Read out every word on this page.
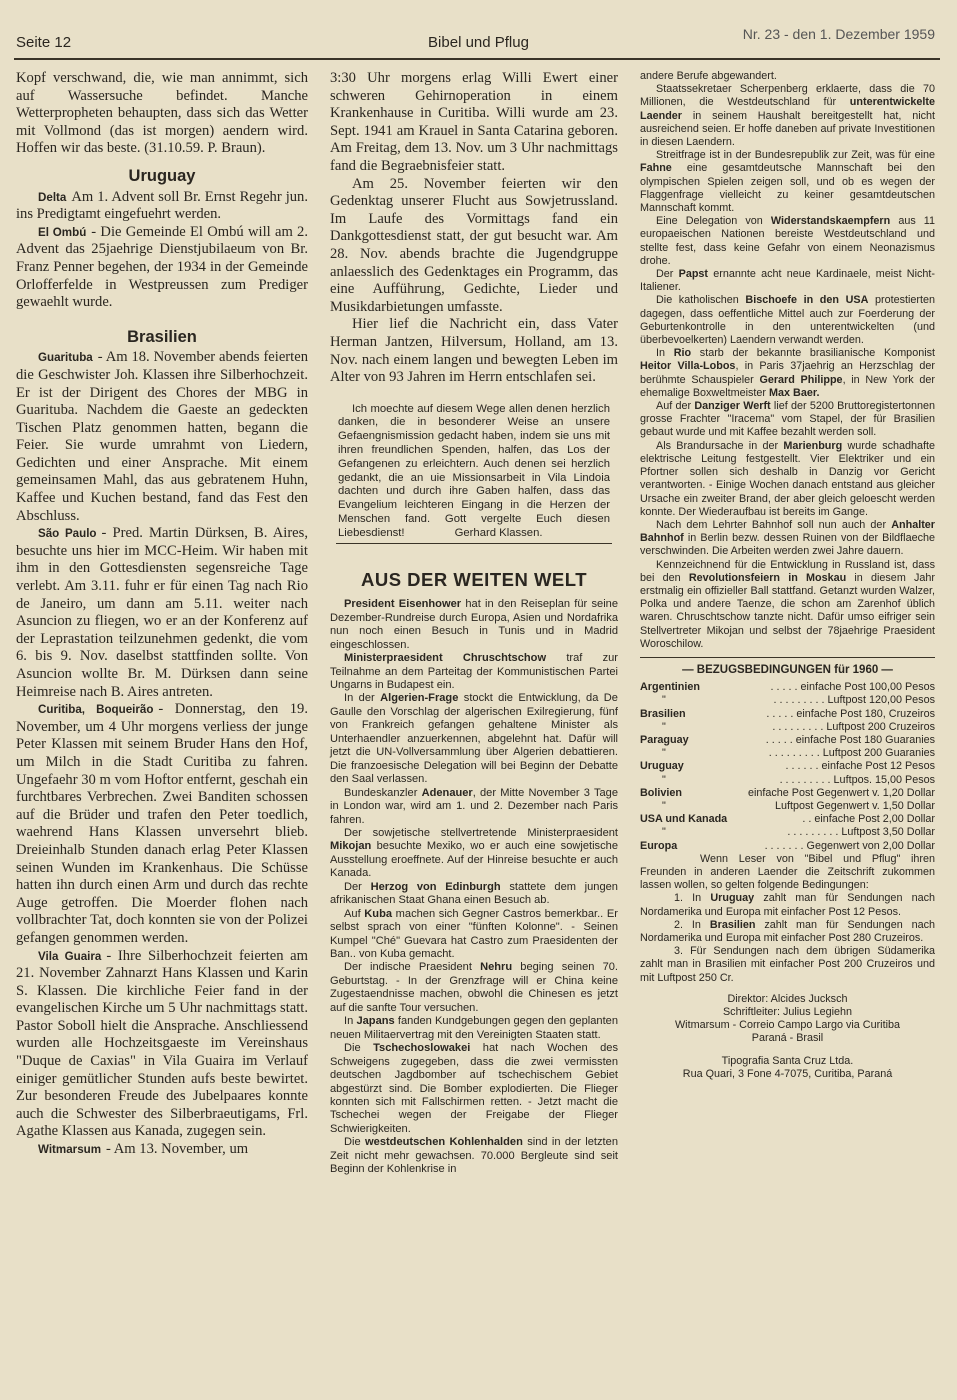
Seite 12	Bibel und Pflug	Nr. 23 - den 1. Dezember 1959

Kopf verschwand, die, wie man annimmt, sich auf Wassersuche befindet. Manche Wetterpropheten behaupten, dass sich das Wetter mit Vollmond (das ist morgen) aendern wird. Hoffen wir das beste. (31.10.59. P. Braun).

Uruguay

Delta Am 1. Advent soll Br. Ernst Regehr jun. ins Predigtamt eingefuehrt werden.

El Ombú - Die Gemeinde El Ombú will am 2. Advent das 25jaehrige Dienstjubilaeum von Br. Franz Penner begehen, der 1934 in der Gemeinde Orlofferfelde in Westpreussen zum Prediger gewaehlt wurde.

Brasilien

Guarituba - Am 18. November abends feierten die Geschwister Joh. Klassen ihre Silberhochzeit. Er ist der Dirigent des Chores der MBG in Guarituba. Nachdem die Gaeste an gedeckten Tischen Platz genommen hatten, begann die Feier. Sie wurde umrahmt von Liedern, Gedichten und einer Ansprache. Mit einem gemeinsamen Mahl, das aus gebratenem Huhn, Kaffee und Kuchen bestand, fand das Fest den Abschluss.

São Paulo - Pred. Martin Dürksen, B. Aires, besuchte uns hier im MCC-Heim. Wir haben mit ihm in den Gottesdiensten segensreiche Tage verlebt. Am 3.11. fuhr er für einen Tag nach Rio de Janeiro, um dann am 5.11. weiter nach Asuncion zu fliegen, wo er an der Konferenz auf der Leprastation teilzunehmen gedenkt, die vom 6. bis 9. Nov. daselbst stattfinden sollte. Von Asuncion wollte Br. M. Dürksen dann seine Heimreise nach B. Aires antreten.

Curitiba, Boqueirão - Donnerstag, den 19. November, um 4 Uhr morgens verliess der junge Peter Klassen mit seinem Bruder Hans den Hof, um Milch in die Stadt Curitiba zu fahren. Ungefaehr 30 m vom Hoftor entfernt, geschah ein furchtbares Verbrechen. Zwei Banditen schossen auf die Brüder und trafen den Peter toedlich, waehrend Hans Klassen unversehrt blieb. Dreieinhalb Stunden danach erlag Peter Klassen seinen Wunden im Krankenhaus. Die Schüsse hatten ihn durch einen Arm und durch das rechte Auge getroffen. Die Moerder flohen nach vollbrachter Tat, doch konnten sie von der Polizei gefangen genommen werden.

Vila Guaira - Ihre Silberhochzeit feierten am 21. November Zahnarzt Hans Klassen und Karin S. Klassen. Die kirchliche Feier fand in der evangelischen Kirche um 5 Uhr nachmittags statt. Pastor Soboll hielt die Ansprache. Anschliessend wurden alle Hochzeitsgaeste im Vereinshaus "Duque de Caxias" in Vila Guaira im Verlauf einiger gemütlicher Stunden aufs beste bewirtet. Zur besonderen Freude des Jubelpaares konnte auch die Schwester des Silberbraeutigams, Frl. Agathe Klassen aus Kanada, zugegen sein.

Witmarsum - Am 13. November, um

3:30 Uhr morgens erlag Willi Ewert einer schweren Gehirnoperation in einem Krankenhause in Curitiba. Willi wurde am 23. Sept. 1941 am Krauel in Santa Catarina geboren. Am Freitag, dem 13. Nov. um 3 Uhr nachmittags fand die Begraebnisfeier statt.

Am 25. November feierten wir den Gedenktag unserer Flucht aus Sowjetrussland. Im Laufe des Vormittags fand ein Dankgottesdienst statt, der gut besucht war. Am 28. Nov. abends brachte die Jugendgruppe anlaesslich des Gedenktages ein Programm, das eine Aufführung, Gedichte, Lieder und Musikdarbietungen umfasste.

Hier lief die Nachricht ein, dass Vater Herman Jantzen, Hilversum, Holland, am 13. Nov. nach einem langen und bewegten Leben im Alter von 93 Jahren im Herrn entschlafen sei.

Ich moechte auf diesem Wege allen denen herzlich danken, die in besonderer Weise an unsere Gefaengnismission gedacht haben, indem sie uns mit ihren freundlichen Spenden, halfen, das Los der Gefangenen zu erleichtern. Auch denen sei herzlich gedankt, die an uie Missionsarbeit in Vila Lindoia dachten und durch ihre Gaben halfen, dass das Evangelium leichteren Eingang in die Herzen der Menschen fand. Gott vergelte Euch diesen Liebesdienst!	Gerhard Klassen.

AUS DER WEITEN WELT

President Eisenhower hat in den Reiseplan für seine Dezember-Rundreise durch Europa, Asien und Nordafrika nun noch einen Besuch in Tunis und in Madrid eingeschlossen.

Ministerpraesident Chruschtschow traf zur Teilnahme an dem Parteitag der Kommunistischen Partei Ungarns in Budapest ein.

In der Algerien-Frage stockt die Entwicklung, da De Gaulle den Vorschlag der algerischen Exilregierung, fünf von Frankreich gefangen gehaltene Minister als Unterhaendler anzuerkennen, abgelehnt hat. Dafür will jetzt die UN-Vollversammlung über Algerien debattieren. Die franzoesische Delegation will bei Beginn der Debatte den Saal verlassen.

Bundeskanzler Adenauer, der Mitte November 3 Tage in London war, wird am 1. und 2. Dezember nach Paris fahren.

Der sowjetische stellvertretende Ministerpraesident Mikojan besuchte Mexiko, wo er auch eine sowjetische Ausstellung eroeffnete. Auf der Hinreise besuchte er auch Kanada.

Der Herzog von Edinburgh stattete dem jungen afrikanischen Staat Ghana einen Besuch ab.

Auf Kuba machen sich Gegner Castros bemerkbar.. Er selbst sprach von einer "fünften Kolonne". - Seinen Kumpel "Ché" Guevara hat Castro zum Praesidenten der Ban.. von Kuba gemacht.

Der indische Praesident Nehru beging seinen 70. Geburtstag. - In der Grenzfrage will er China keine Zugestaendnisse machen, obwohl die Chinesen es jetzt auf die sanfte Tour versuchen.

In Japans fanden Kundgebungen gegen den geplanten neuen Militaervertrag mit den Vereinigten Staaten statt.

Die Tschechoslowakei hat nach Wochen des Schweigens zugegeben, dass die zwei vermissten deutschen Jagdbomber auf tschechischem Gebiet abgestürzt sind. Die Bomber explodierten. Die Flieger konnten sich mit Fallschirmen retten. - Jetzt macht die Tschechei wegen der Freigabe der Flieger Schwierigkeiten.

Die westdeutschen Kohlenhalden sind in der letzten Zeit nicht mehr gewachsen. 70.000 Bergleute sind seit Beginn der Kohlenkrise in

andere Berufe abgewandert.

Staatssekretaer Scherpenberg erklaerte, dass die 70 Millionen, die Westdeutschland für unterentwickelte Laender in seinem Haushalt bereitgestellt hat, nicht ausreichend seien. Er hoffe daneben auf private Investitionen in diesen Laendern.

Streitfrage ist in der Bundesrepublik zur Zeit, was für eine Fahne eine gesamtdeutsche Mannschaft bei den olympischen Spielen zeigen soll, und ob es wegen der Flaggenfrage vielleicht zu keiner gesamtdeutschen Mannschaft kommt.

Eine Delegation von Widerstandskaempfern aus 11 europaeischen Nationen bereiste Westdeutschland und stellte fest, dass keine Gefahr von einem Neonazismus drohe.

Der Papst ernannte acht neue Kardinaele, meist Nicht-Italiener.

Die katholischen Bischoefe in den USA protestierten dagegen, dass oeffentliche Mittel auch zur Foerderung der Geburtenkontrolle in den unterentwickelten (und überbevoelkerten) Laendern verwandt werden.

In Rio starb der bekannte brasilianische Komponist Heitor Villa-Lobos, in Paris 37jaehrig an Herzschlag der berühmte Schauspieler Gerard Philippe, in New York der ehemalige Boxweltmeister Max Baer.

Auf der Danziger Werft lief der 5200 Bruttoregistertonnen grosse Frachter "Iracema" vom Stapel, der für Brasilien gebaut wurde und mit Kaffee bezahlt werden soll.

Als Brandursache in der Marienburg wurde schadhafte elektrische Leitung festgestellt. Vier Elektriker und ein Pfortner sollen sich deshalb in Danzig vor Gericht verantworten. - Einige Wochen danach entstand aus gleicher Ursache ein zweiter Brand, der aber gleich geloescht werden konnte. Der Wiederaufbau ist bereits im Gange.

Nach dem Lehrter Bahnhof soll nun auch der Anhalter Bahnhof in Berlin bezw. dessen Ruinen von der Bildflaeche verschwinden. Die Arbeiten werden zwei Jahre dauern.

Kennzeichnend für die Entwicklung in Russland ist, dass bei den Revolutionsfeiern in Moskau in diesem Jahr erstmalig ein offizieller Ball stattfand. Getanzt wurden Walzer, Polka und andere Taenze, die schon am Zarenhof üblich waren. Chruschtschow tanzte nicht. Dafür umso eifriger sein Stellvertreter Mikojan und selbst der 78jaehrige Praesident Woroschilow.

— BEZUGSBEDINGUNGEN für 1960 —
Argentinien	. . . . . einfache Post 100,00 Pesos
"	. . . . . . . . . Luftpost 120,00 Pesos
Brasilien	. . . . . einfache Post 180, Cruzeiros
"	. . . . . . . . . Luftpost 200 Cruzeiros
Paraguay	. . . . . einfache Post 180 Guaranies
"	. . . . . . . . . Luftpost 200 Guaranies
Uruguay	. . . . . . einfache Post 12 Pesos
"	. . . . . . . . . Luftpos. 15,00 Pesos
Bolivien	einfache Post Gegenwert v. 1,20 Dollar
"	Luftpost Gegenwert v. 1,50 Dollar
USA und Kanada	. . einfache Post 2,00 Dollar
"	. . . . . . . . . Luftpost 3,50 Dollar
Europa	. . . . . . . Gegenwert von 2,00 Dollar

Wenn Leser von "Bibel und Pflug" ihren Freunden in anderen Laender die Zeitschrift zukommen lassen wollen, so gelten folgende Bedingungen:

1. In Uruguay zahlt man für Sendungen nach Nordamerika und Europa mit einfacher Post 12 Pesos.

2. In Brasilien zahlt man für Sendungen nach Nordamerika und Europa mit einfacher Post 280 Cruzeiros.

3. Für Sendungen nach dem übrigen Südamerika zahlt man in Brasilien mit einfacher Post 200 Cruzeiros und mit Luftpost 250 Cr.

Direktor: Alcides Jucksch
Schriftleiter: Julius Legiehn
Witmarsum - Correio Campo Largo via Curitiba
Paraná - Brasil
Tipografia Santa Cruz Ltda.
Rua Quari, 3 Fone 4-7075, Curitiba, Paraná
